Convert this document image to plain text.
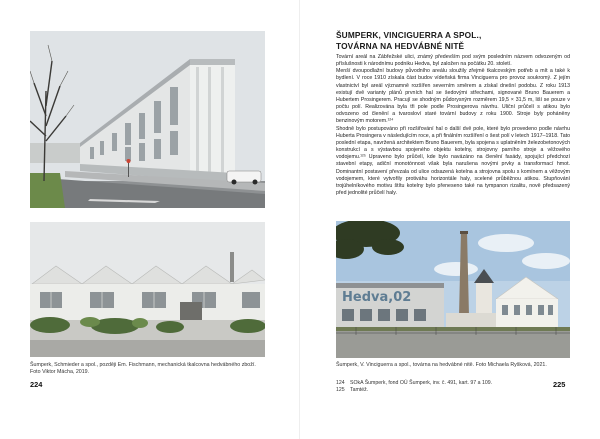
Hedva,02
Šumperk, Schmieder a spol., později Em. Fischmann, mechanická tkalcovna hedvábného zboží. Foto Viktor Mácha, 2019.
Šumperk, V. Vinciguerra a spol., továrna na hedvábné nitě. Foto Michaela Ryšková, 2021.
ŠUMPERK, VINCIGUERRA A SPOL.,
TOVÁRNA NA HEDVÁBNÉ NITĚ

Tovární areál na Zábřežské ulici, známý především pod svým posledním názvem odvozeným od příslušnosti k národnímu podniku Hedva, byl založen na počátku 20. století.

Menší dvoupodlažní budovy původního areálu sloužily zřejmě tkalcovským potřeb a mít a také k bydlení. V roce 1910 získala část budov vídeňská firma Vinciguerra pro provoz soukromý. Z jejím vlastnictví byl areál významně rozšířen severním směrem a získal dnešní podobu. Z roku 1913 existují dvě varianty plánů prvních hal se šedovými střechami, signované Bruno Bauerem a Hubertem Prosingerem. Pracují se shodným půdorysným rozměrem 19,5 × 31,5 m, liší se pouze v počtu polí. Realizována byla tři pole podle Prosingerova návrhu. Uliční průčelí s atikou bylo odvozeno od členění a tvarosloví staré tovární budovy z roku 1900. Stroje byly poháněny benzinovým motorem.¹²⁴

Shodně bylo postupováno při rozšiřování hal o další dvě pole, které bylo provedeno podle návrhu Huberta Prosingera v následujícím roce, a při finálním rozšíření o šest polí v letech 1917–1918. Tato poslední etapa, navržená architektem Bruno Bauerem, byla spojena s uplatněním železobetonových konstrukcí a s výstavbou spojeného objektu kotelny, strojovny parního stroje a věžového vodojemu.¹²⁵ Upraveno bylo průčelí, kde bylo navázáno na členění fasády, spojující předchozí stavební etapy, adiční monotónnost však byla narušena novými prvky a transformací hmot. Dominantní postavení převzala od ulice odsazená kotelna a strojovna spolu s komínem a věžovým vodojemem, které vytvořily protiváhu horizontále haly, scelené průběžnou atikou. Stupňování trojúhelníkového motivu štítu kotelny bylo přeneseno také na tympanon rizalitu, nově předsazený před jednolité průčelí haly.

124	SOkA Šumperk, fond OÚ Šumperk, inv. č. 491, kart. 97 a 109.
125	Tamtéž.
224	225
